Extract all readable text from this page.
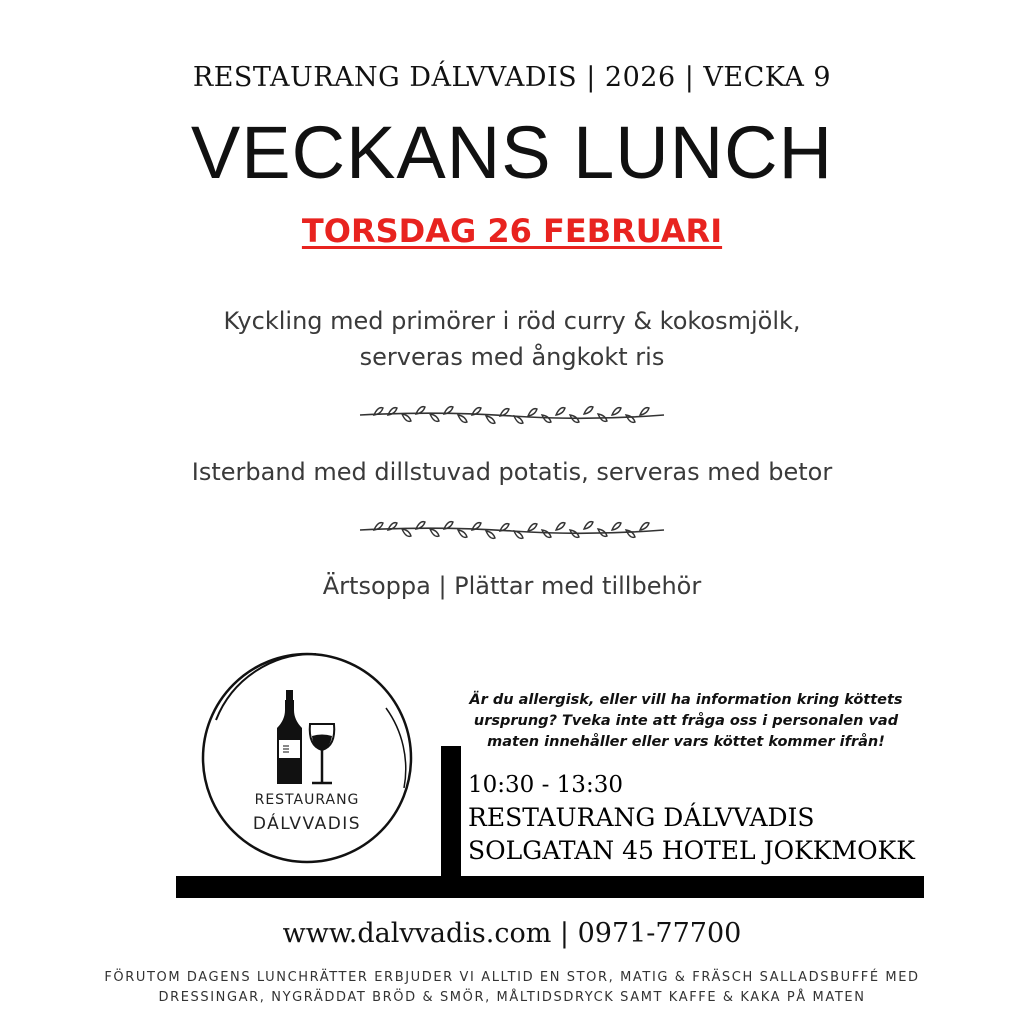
RESTAURANG DÁLVVADIS | 2026 | VECKA 9
VECKANS LUNCH
TORSDAG 26 FEBRUARI
Kyckling med primörer i röd curry & kokosmjölk,
serveras med ångkokt ris
Isterband med dillstuvad potatis, serveras med betor
Ärtsoppa | Plättar med tillbehör
RESTAURANG
DÁLVVADIS
Är du allergisk, eller vill ha information kring köttets
ursprung? Tveka inte att fråga oss i personalen vad
maten innehåller eller vars köttet kommer ifrån!
10:30 - 13:30
RESTAURANG DÁLVVADIS
SOLGATAN 45 HOTEL JOKKMOKK
www.dalvvadis.com | 0971-77700
FÖRUTOM DAGENS LUNCHRÄTTER ERBJUDER VI ALLTID EN STOR, MATIG & FRÄSCH SALLADSBUFFÉ MED
DRESSINGAR, NYGRÄDDAT BRÖD & SMÖR, MÅLTIDSDRYCK SAMT KAFFE & KAKA PÅ MATEN
